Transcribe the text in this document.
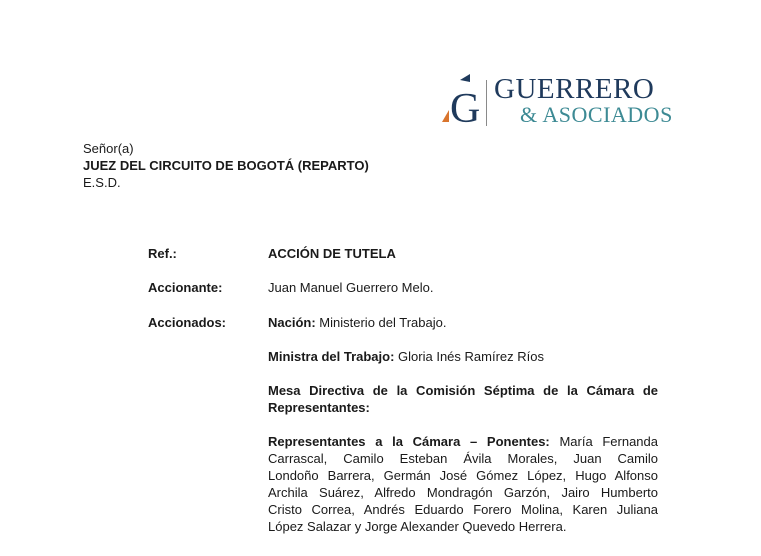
G GUERRERO
& ASOCIADOS
Señor(a)
JUEZ DEL CIRCUITO DE BOGOTÁ (REPARTO)
E.S.D.
Ref.:	ACCIÓN DE TUTELA
Accionante:	Juan Manuel Guerrero Melo.
Accionados:	Nación: Ministerio del Trabajo.
Ministra del Trabajo: Gloria Inés Ramírez Ríos
Mesa Directiva de la Comisión Séptima de la Cámara de
Representantes:
Representantes a la Cámara – Ponentes: María Fernanda
Carrascal, Camilo Esteban Ávila Morales, Juan Camilo
Londoño Barrera, Germán José Gómez López, Hugo Alfonso
Archila Suárez, Alfredo Mondragón Garzón, Jairo Humberto
Cristo Correa, Andrés Eduardo Forero Molina, Karen Juliana
López Salazar y Jorge Alexander Quevedo Herrera.
